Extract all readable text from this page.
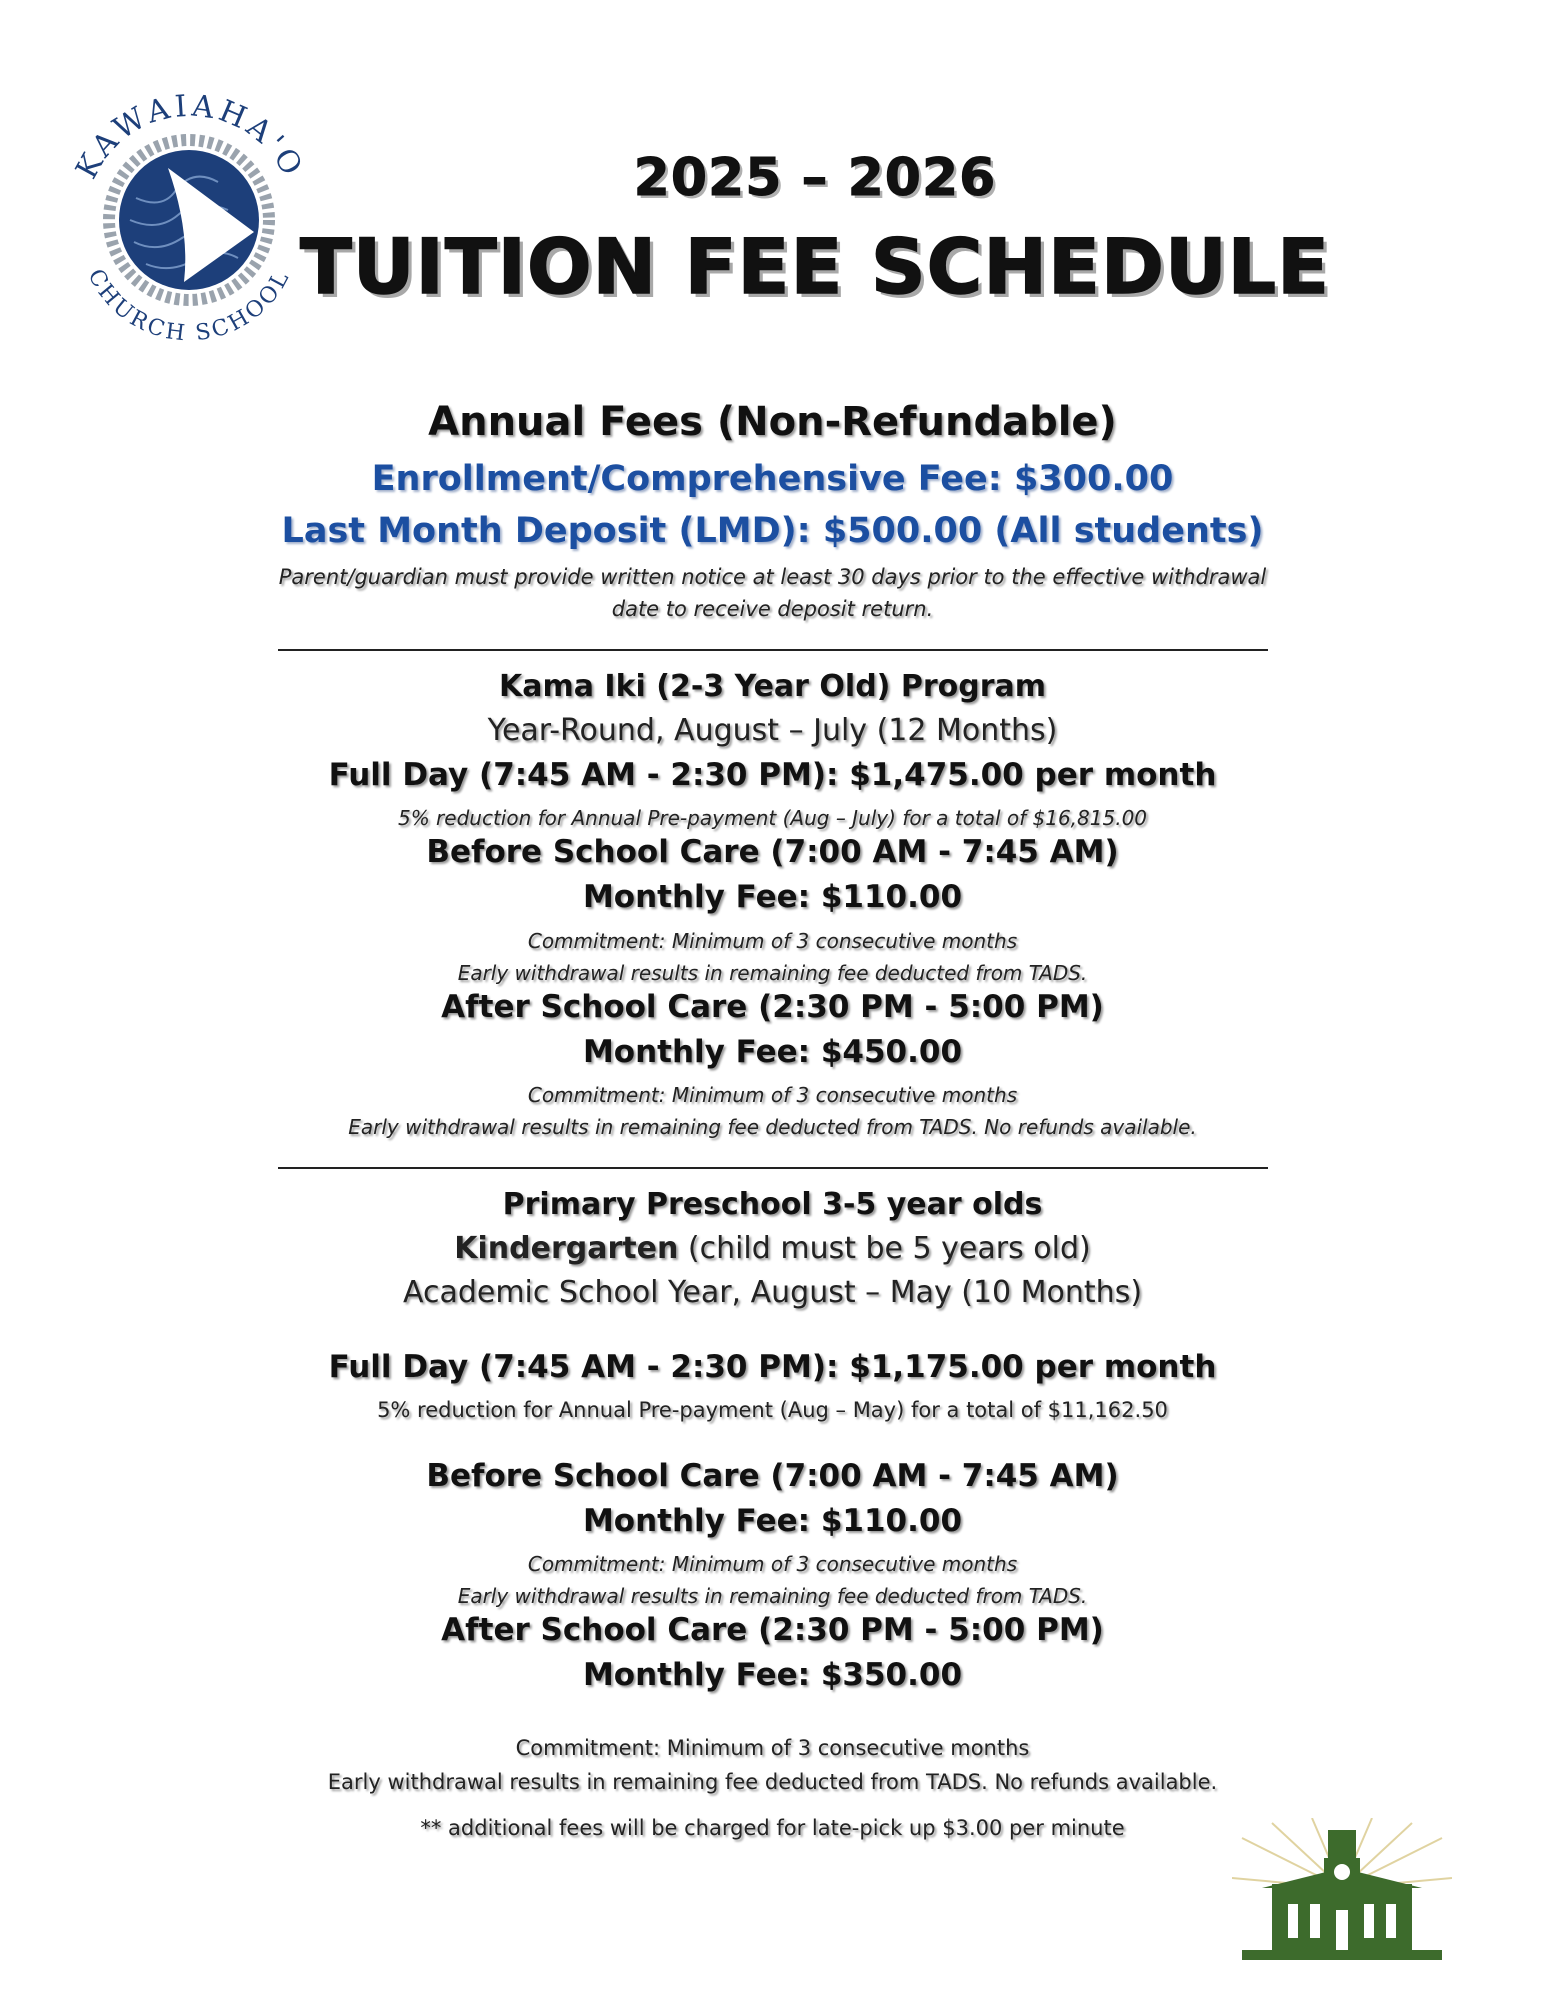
KAWAIAHA'O
CHURCH SCHOOL
2025 – 2026
TUITION FEE SCHEDULE

Annual Fees (Non-Refundable)

Enrollment/Comprehensive Fee: $300.00

Last Month Deposit (LMD): $500.00 (All students)

Parent/guardian must provide written notice at least 30 days prior to the effective withdrawal

date to receive deposit return.

Kama Iki (2-3 Year Old) Program

Year-Round, August – July (12 Months)

Full Day (7:45 AM - 2:30 PM): $1,475.00 per month

5% reduction for Annual Pre-payment (Aug – July) for a total of $16,815.00

Before School Care (7:00 AM - 7:45 AM)

Monthly Fee: $110.00

Commitment: Minimum of 3 consecutive months

Early withdrawal results in remaining fee deducted from TADS.

After School Care (2:30 PM - 5:00 PM)

Monthly Fee: $450.00

Commitment: Minimum of 3 consecutive months

Early withdrawal results in remaining fee deducted from TADS. No refunds available.

Primary Preschool 3-5 year olds

Kindergarten (child must be 5 years old)

Academic School Year, August – May (10 Months)

Full Day (7:45 AM - 2:30 PM): $1,175.00 per month

5% reduction for Annual Pre-payment (Aug – May) for a total of $11,162.50

Before School Care (7:00 AM - 7:45 AM)

Monthly Fee: $110.00

Commitment: Minimum of 3 consecutive months

Early withdrawal results in remaining fee deducted from TADS.

After School Care (2:30 PM - 5:00 PM)

Monthly Fee: $350.00

Commitment: Minimum of 3 consecutive months

Early withdrawal results in remaining fee deducted from TADS. No refunds available.

** additional fees will be charged for late-pick up $3.00 per minute
